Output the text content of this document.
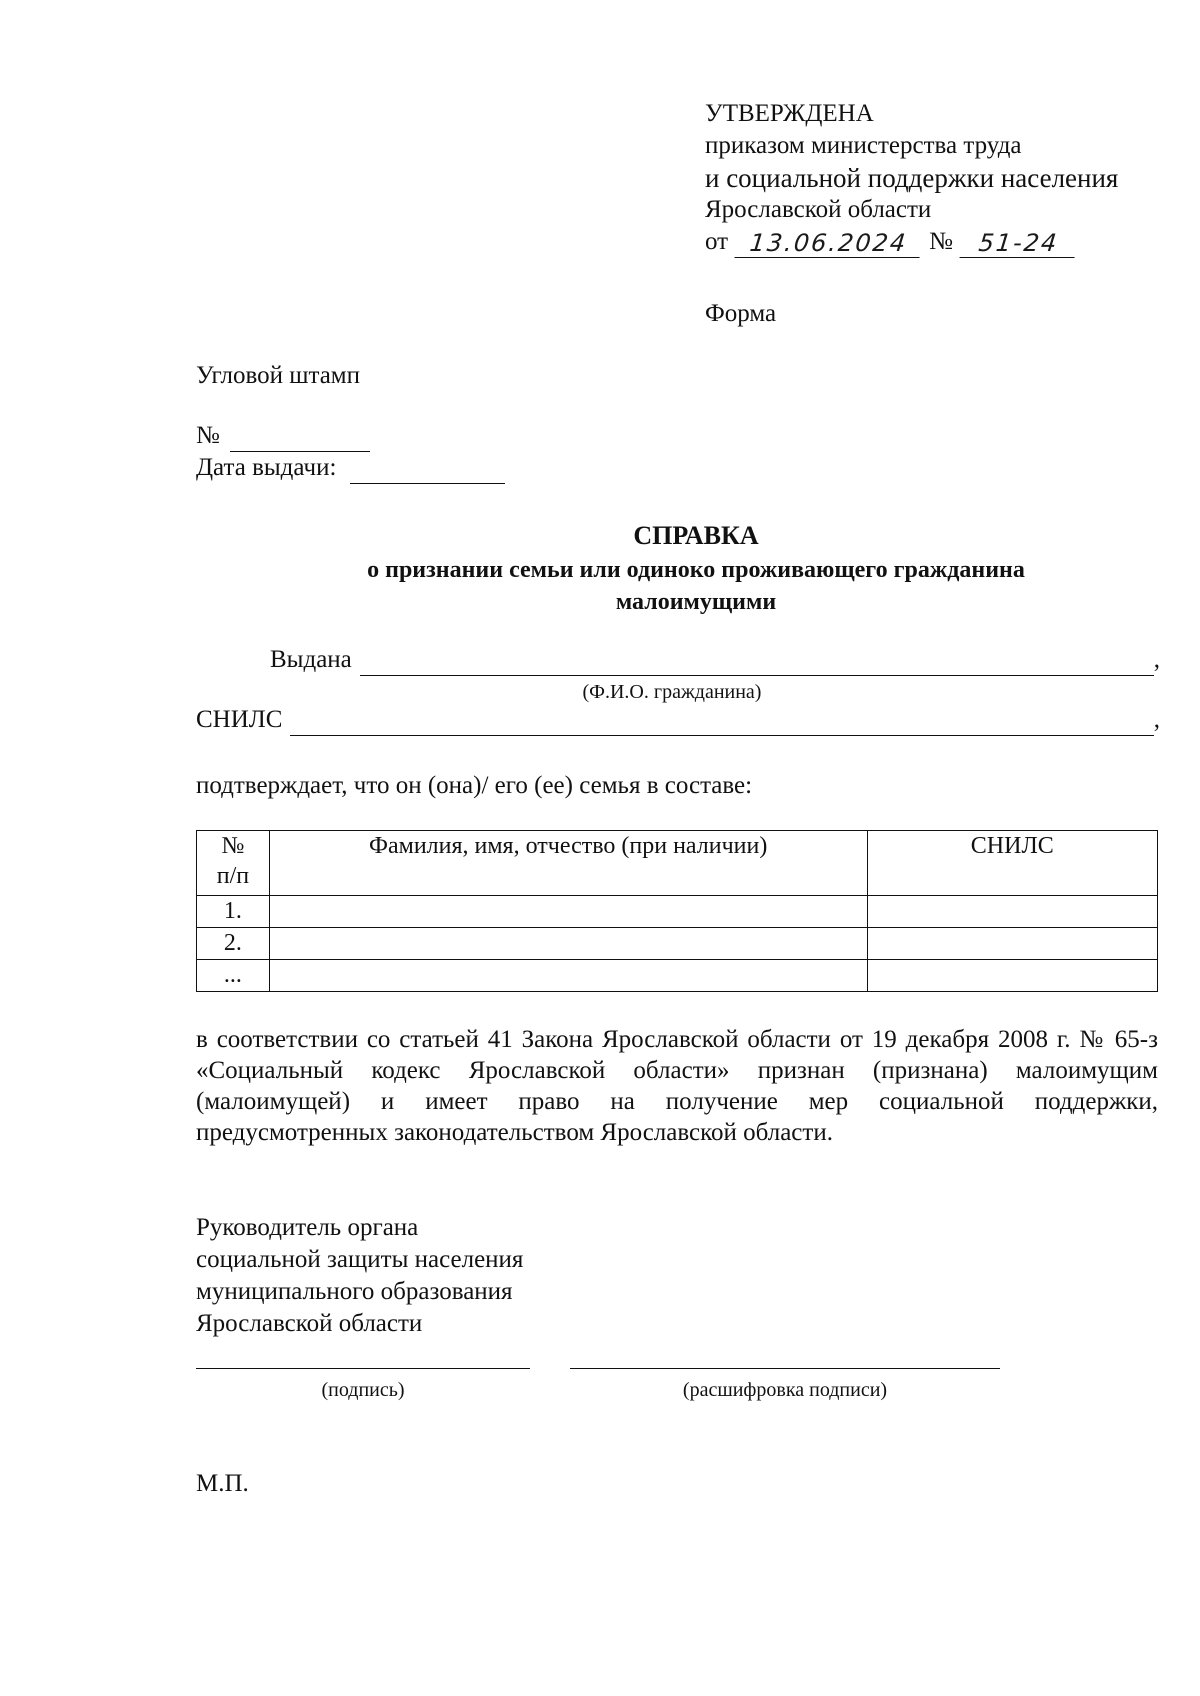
УТВЕРЖДЕНА
приказом министерства труда
и социальной поддержки населения
Ярославской области
от 13.06.2024 №	51-24
Форма
Угловой штамп
№
Дата выдачи:
СПРАВКА
о признании семьи или одиноко проживающего гражданина
малоимущими
Выдана	,
(Ф.И.О. гражданина)
СНИЛС	,
подтверждает, что он (она)/ его (ее) семья в составе:
№
п/п	Фамилия, имя, отчество (при наличии)	СНИЛС
1.		
2.		
...		
в соответствии со статьей 41 Закона Ярославской области от 19 декабря 2008 г. № 65-з «Социальный кодекс Ярославской области» признан (признана) малоимущим (малоимущей) и имеет право на получение мер социальной поддержки, предусмотренных законодательством Ярославской области.
Руководитель органа
социальной защиты населения
муниципального образования
Ярославской области
(подпись)	(расшифровка подписи)
М.П.
